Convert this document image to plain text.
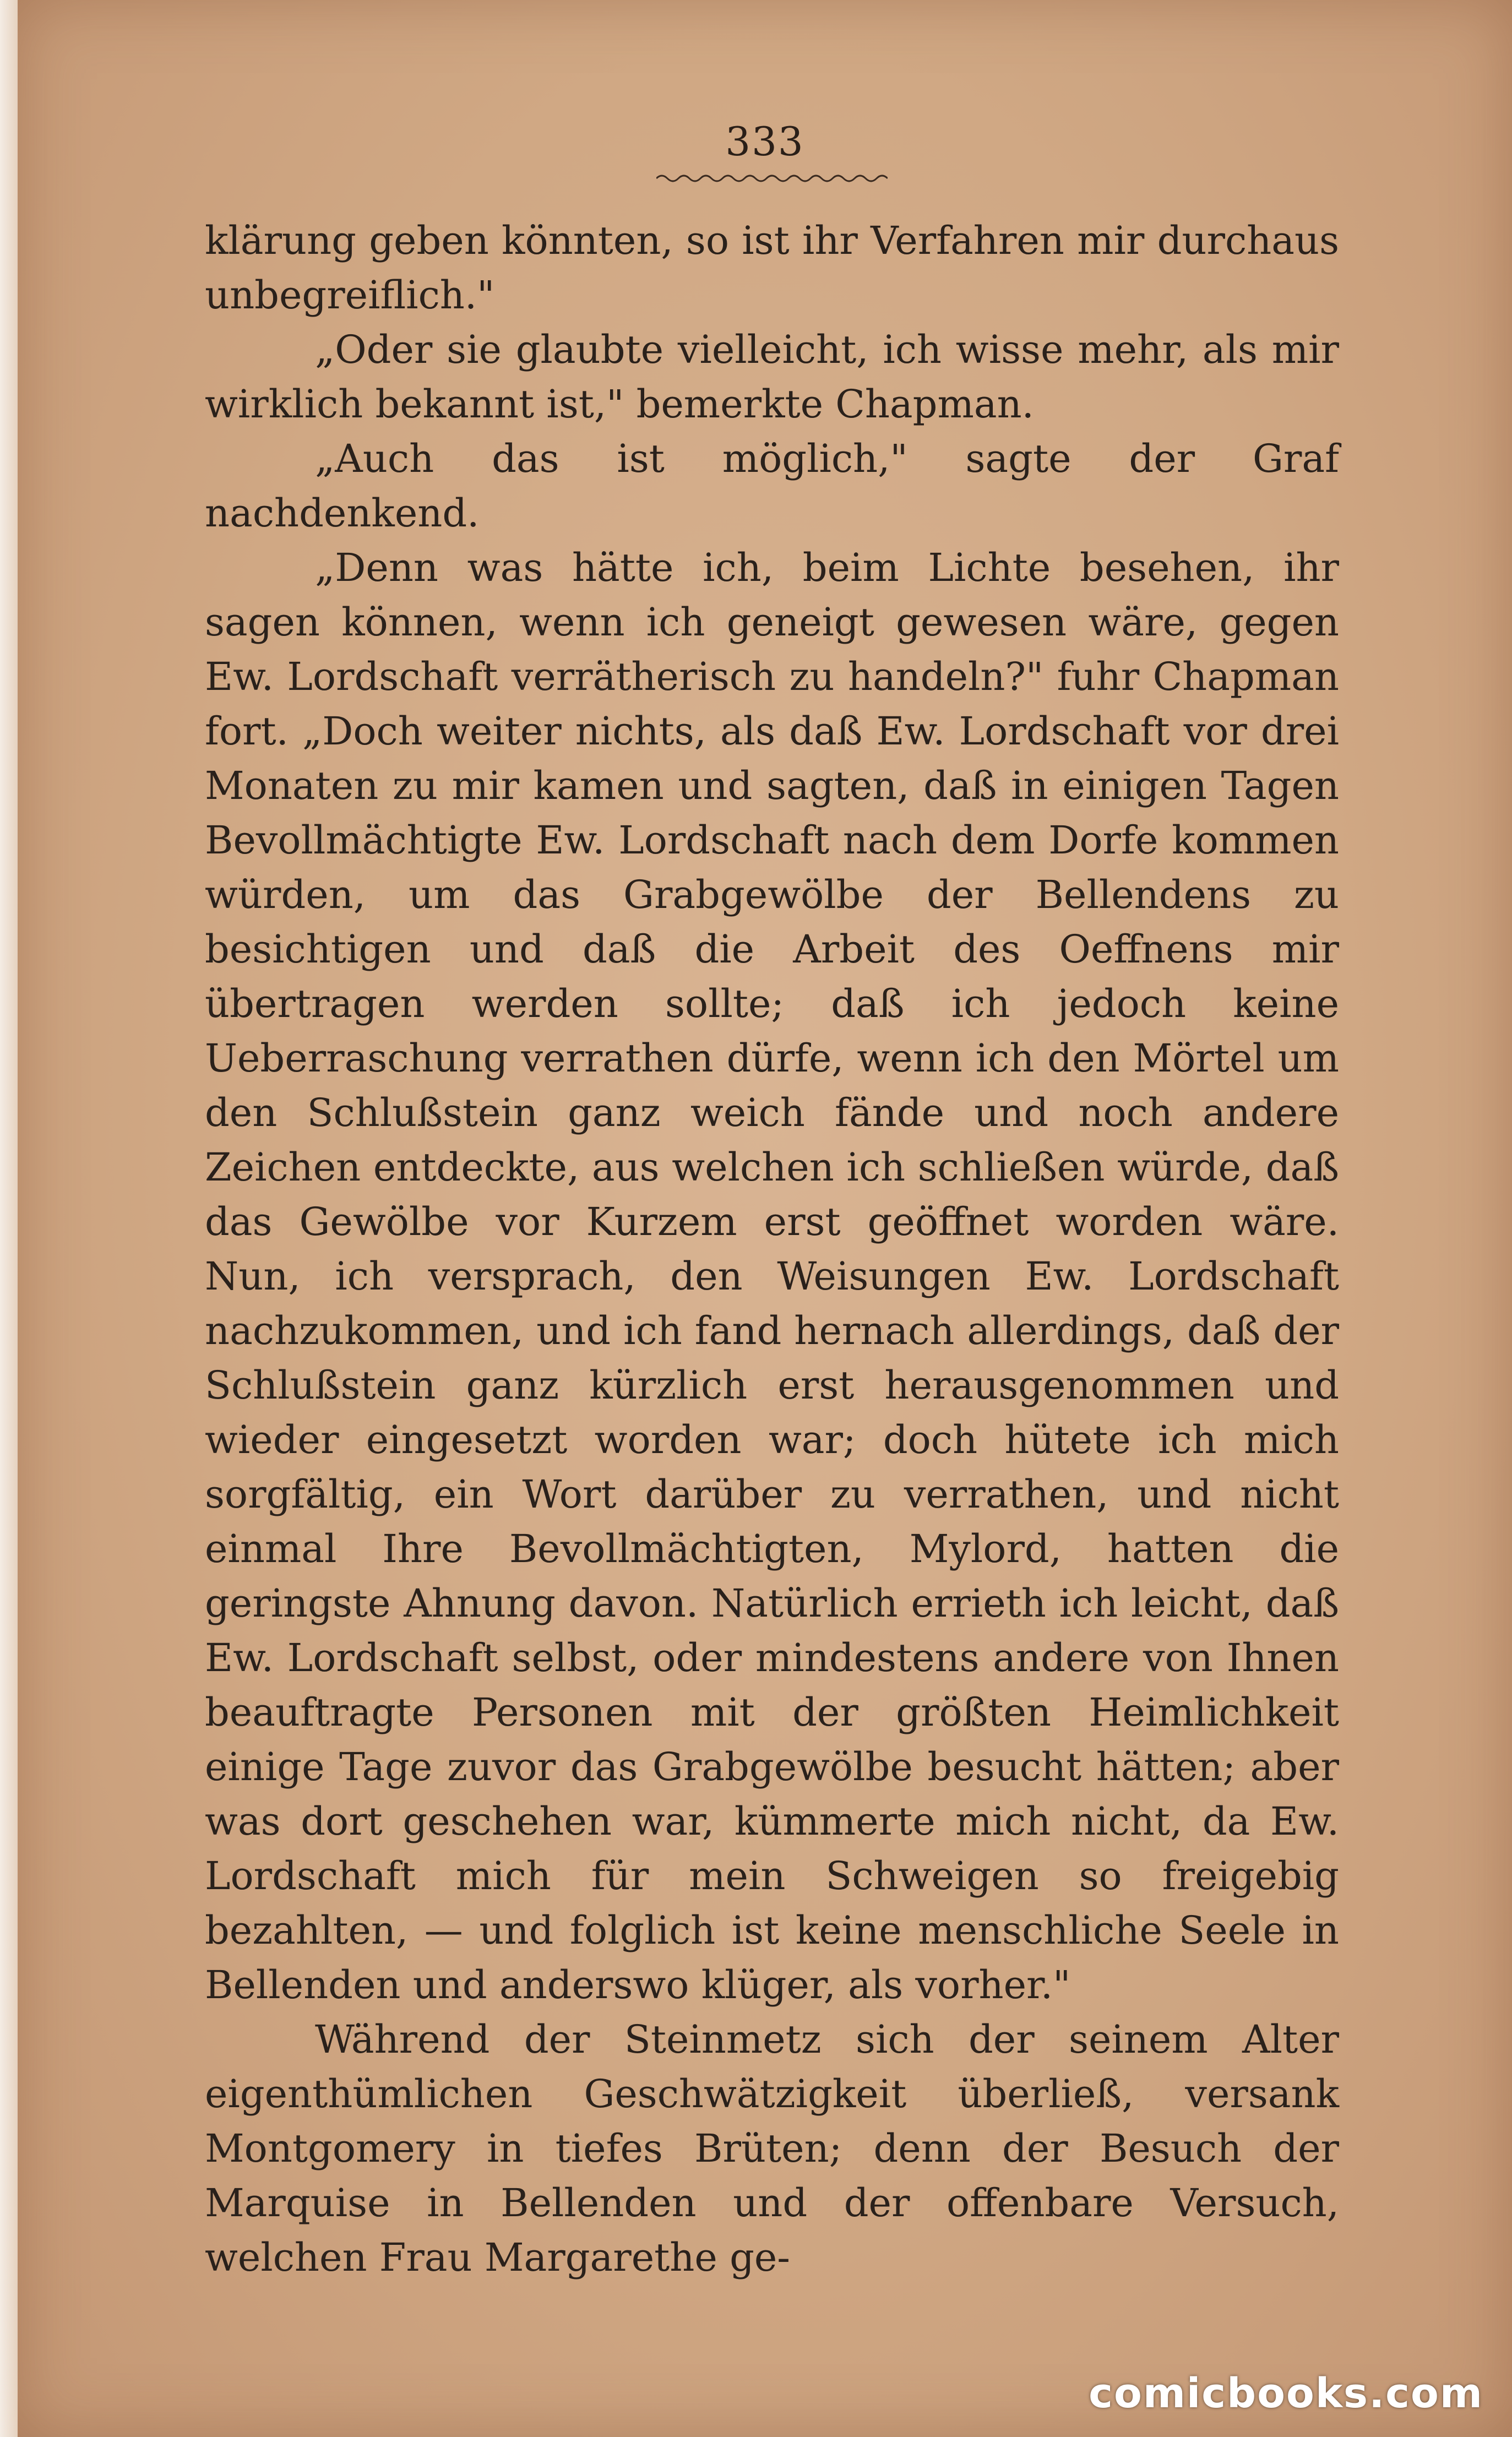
333

klärung geben könnten, so ist ihr Verfahren mir durchaus unbegreiflich."

„Oder sie glaubte vielleicht, ich wisse mehr, als mir wirklich bekannt ist," bemerkte Chapman.

„Auch das ist möglich," sagte der Graf nachdenkend.

„Denn was hätte ich, beim Lichte besehen, ihr sagen können, wenn ich geneigt gewesen wäre, gegen Ew. Lordschaft verrätherisch zu handeln?" fuhr Chapman fort. „Doch weiter nichts, als daß Ew. Lordschaft vor drei Monaten zu mir kamen und sagten, daß in einigen Tagen Bevollmächtigte Ew. Lordschaft nach dem Dorfe kommen würden, um das Grabgewölbe der Bellendens zu besichtigen und daß die Arbeit des Oeffnens mir übertragen werden sollte; daß ich jedoch keine Ueberraschung verrathen dürfe, wenn ich den Mörtel um den Schlußstein ganz weich fände und noch andere Zeichen entdeckte, aus welchen ich schließen würde, daß das Gewölbe vor Kurzem erst geöffnet worden wäre. Nun, ich versprach, den Weisungen Ew. Lordschaft nachzukommen, und ich fand hernach allerdings, daß der Schlußstein ganz kürzlich erst herausgenommen und wieder eingesetzt worden war; doch hütete ich mich sorgfältig, ein Wort darüber zu verrathen, und nicht einmal Ihre Bevollmächtigten, Mylord, hatten die geringste Ahnung davon. Natürlich errieth ich leicht, daß Ew. Lordschaft selbst, oder mindestens andere von Ihnen beauftragte Personen mit der größten Heimlichkeit einige Tage zuvor das Grabgewölbe besucht hätten; aber was dort geschehen war, kümmerte mich nicht, da Ew. Lordschaft mich für mein Schweigen so freigebig bezahlten, — und folglich ist keine menschliche Seele in Bellenden und anderswo klüger, als vorher."

Während der Steinmetz sich der seinem Alter eigenthümlichen Geschwätzigkeit überließ, versank Montgomery in tiefes Brüten; denn der Besuch der Marquise in Bellenden und der offenbare Versuch, welchen Frau Margarethe ge-

comicbooks.com
